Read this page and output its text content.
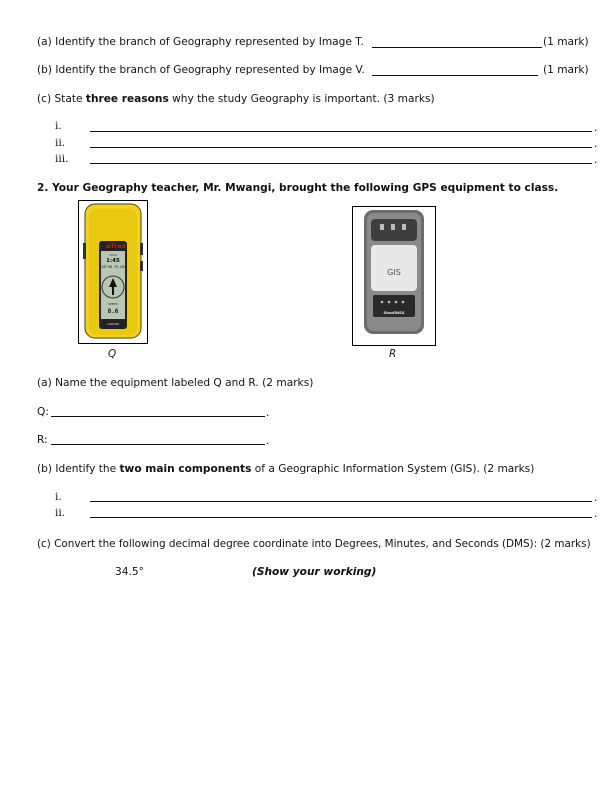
(a) Identify the branch of Geography represented by Image T.	(1 mark)
(b) Identify the branch of Geography represented by Image V.	(1 mark)
(c) State three reasons why the study Geography is important. (3 marks)
i.	.
ii.	.
iii.	.
2. Your Geography teacher, Mr. Mwangi, brought the following GPS equipment to class.
eTrex
Time
1:45
S0°46 75.00
SPEED
8.6
GARMIN
Q
GIS
SinoGNSS
R
(a) Name the equipment labeled Q and R. (2 marks)
Q:	.
R:	.
(b) Identify the two main components of a Geographic Information System (GIS). (2 marks)
i.	.
ii.	.
(c) Convert the following decimal degree coordinate into Degrees, Minutes, and Seconds (DMS): (2 marks)
34.5°	(Show your working)
